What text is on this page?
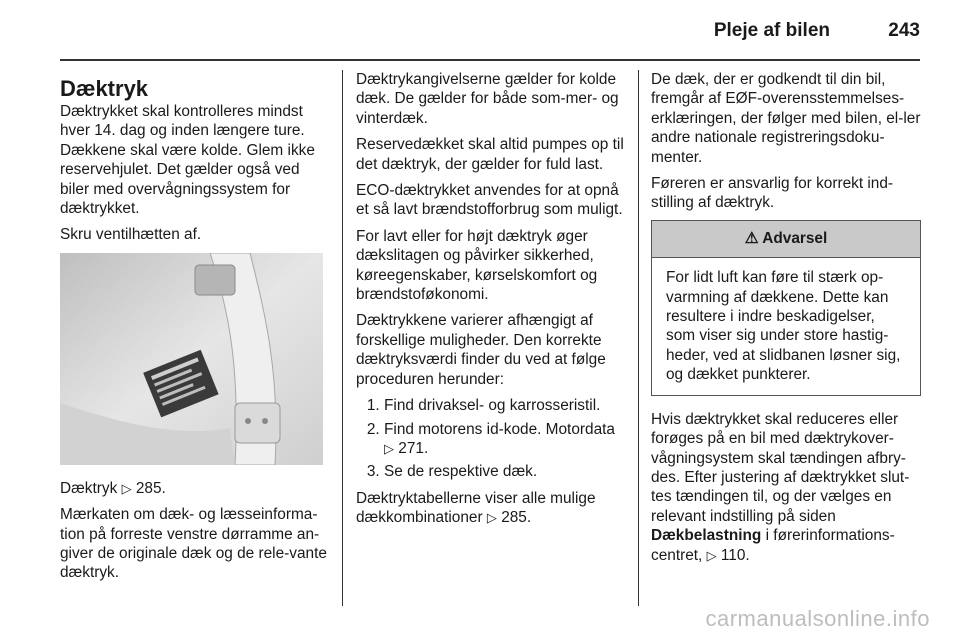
Pleje af bilen	243
Dæktryk

Dæktrykket skal kontrolleres mindst hver 14. dag og inden længere ture. Dækkene skal være kolde. Glem ikke reservehjulet. Det gælder også ved biler med overvågningssystem for dæktrykket.

Skru ventilhætten af.

Dæktryk ▷ 285.

Mærkaten om dæk- og læsseinforma-tion på forreste venstre dørramme an-giver de originale dæk og de rele-vante dæktryk.

Dæktrykangivelserne gælder for kolde dæk. De gælder for både som-mer- og vinterdæk.

Reservedækket skal altid pumpes op til det dæktryk, der gælder for fuld last.

ECO-dæktrykket anvendes for at opnå et så lavt brændstofforbrug som muligt.

For lavt eller for højt dæktryk øger dækslitagen og påvirker sikkerhed, køreegenskaber, kørselskomfort og brændstoføkonomi.

Dæktrykkene varierer afhængigt af forskellige muligheder. Den korrekte dæktryksværdi finder du ved at følge proceduren herunder:

1. Find drivaksel- og karrosseristil.
2. Find motorens id-kode. Motordata
▷ 271.
3. Se de respektive dæk.

Dæktryktabellerne viser alle mulige dækkombinationer ▷ 285.

De dæk, der er godkendt til din bil, fremgår af EØF-overensstemmelses-erklæringen, der følger med bilen, el-ler andre nationale registreringsdoku-menter.

Føreren er ansvarlig for korrekt ind-stilling af dæktryk.

⚠ Advarsel
For lidt luft kan føre til stærk op-varmning af dækkene. Dette kan resultere i indre beskadigelser, som viser sig under store hastig-heder, ved at slidbanen løsner sig, og dækket punkterer.

Hvis dæktrykket skal reduceres eller forøges på en bil med dæktrykover-vågningsystem skal tændingen afbry-des. Efter justering af dæktrykket slut-tes tændingen til, og der vælges en relevant indstilling på siden Dækbelastning i førerinformations-centret, ▷ 110.

carmanualsonline.info
